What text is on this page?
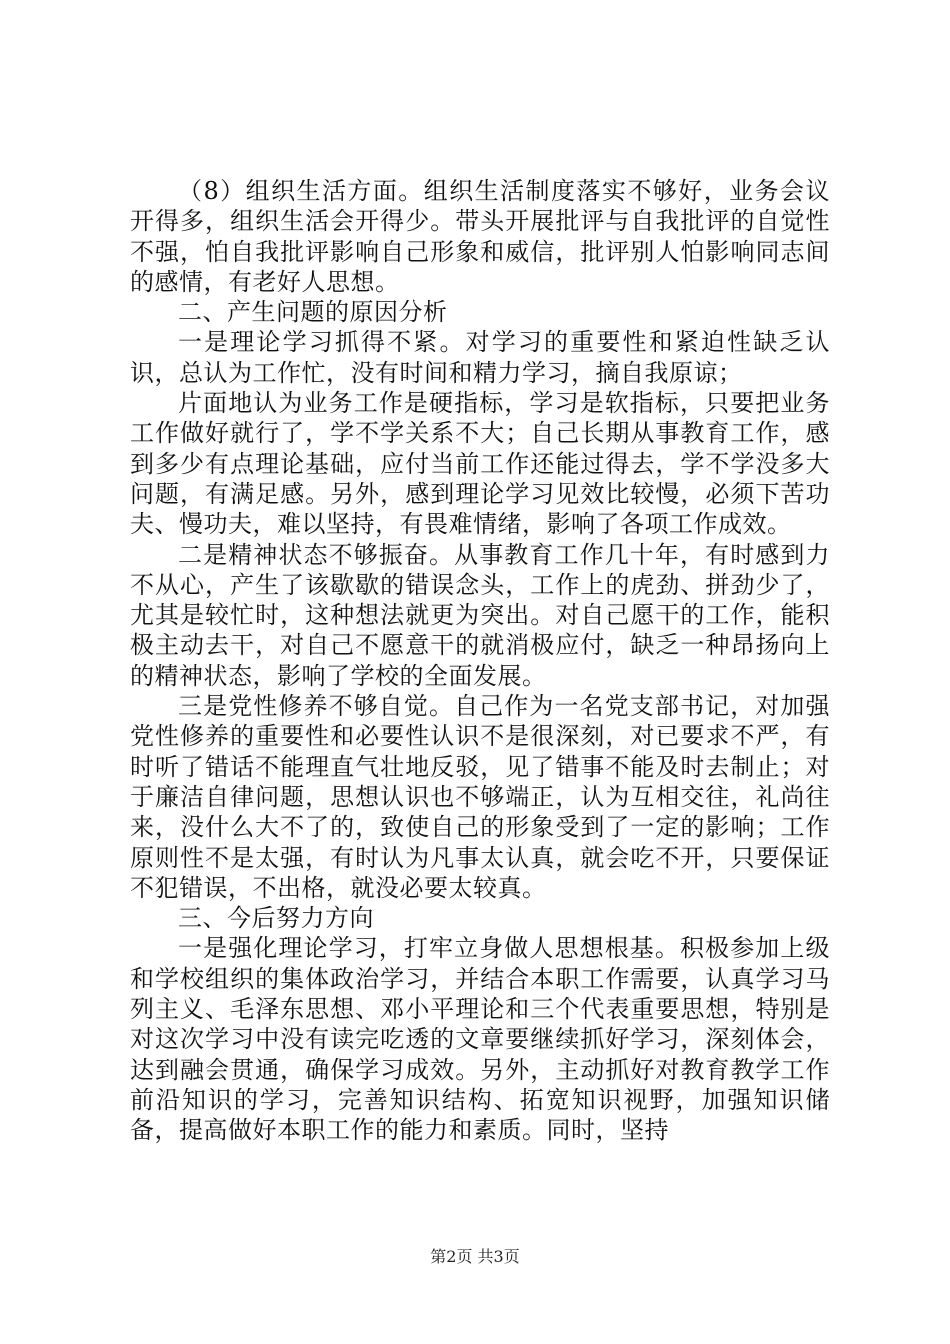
（8）组织生活方面。组织生活制度落实不够好，业务会议开得多，组织生活会开得少。带头开展批评与自我批评的自觉性不强，怕自我批评影响自己形象和威信，批评别人怕影响同志间的感情，有老好人思想。

二、产生问题的原因分析

一是理论学习抓得不紧。对学习的重要性和紧迫性缺乏认识，总认为工作忙，没有时间和精力学习，摘自我原谅；

片面地认为业务工作是硬指标，学习是软指标，只要把业务工作做好就行了，学不学关系不大；自己长期从事教育工作，感到多少有点理论基础，应付当前工作还能过得去，学不学没多大问题，有满足感。另外，感到理论学习见效比较慢，必须下苦功夫、慢功夫，难以坚持，有畏难情绪，影响了各项工作成效。

二是精神状态不够振奋。从事教育工作几十年，有时感到力不从心，产生了该歇歇的错误念头，工作上的虎劲、拼劲少了，尤其是较忙时，这种想法就更为突出。对自己愿干的工作，能积极主动去干，对自己不愿意干的就消极应付，缺乏一种昂扬向上的精神状态，影响了学校的全面发展。

三是党性修养不够自觉。自己作为一名党支部书记，对加强党性修养的重要性和必要性认识不是很深刻，对已要求不严，有时听了错话不能理直气壮地反驳，见了错事不能及时去制止；对于廉洁自律问题，思想认识也不够端正，认为互相交往，礼尚往来，没什么大不了的，致使自己的形象受到了一定的影响；工作原则性不是太强，有时认为凡事太认真，就会吃不开，只要保证不犯错误，不出格，就没必要太较真。

三、今后努力方向

一是强化理论学习，打牢立身做人思想根基。积极参加上级和学校组织的集体政治学习，并结合本职工作需要，认真学习马列主义、毛泽东思想、邓小平理论和三个代表重要思想，特别是对这次学习中没有读完吃透的文章要继续抓好学习，深刻体会，达到融会贯通，确保学习成效。另外，主动抓好对教育教学工作前沿知识的学习，完善知识结构、拓宽知识视野，加强知识储备，提高做好本职工作的能力和素质。同时，坚持

第2页 共3页
